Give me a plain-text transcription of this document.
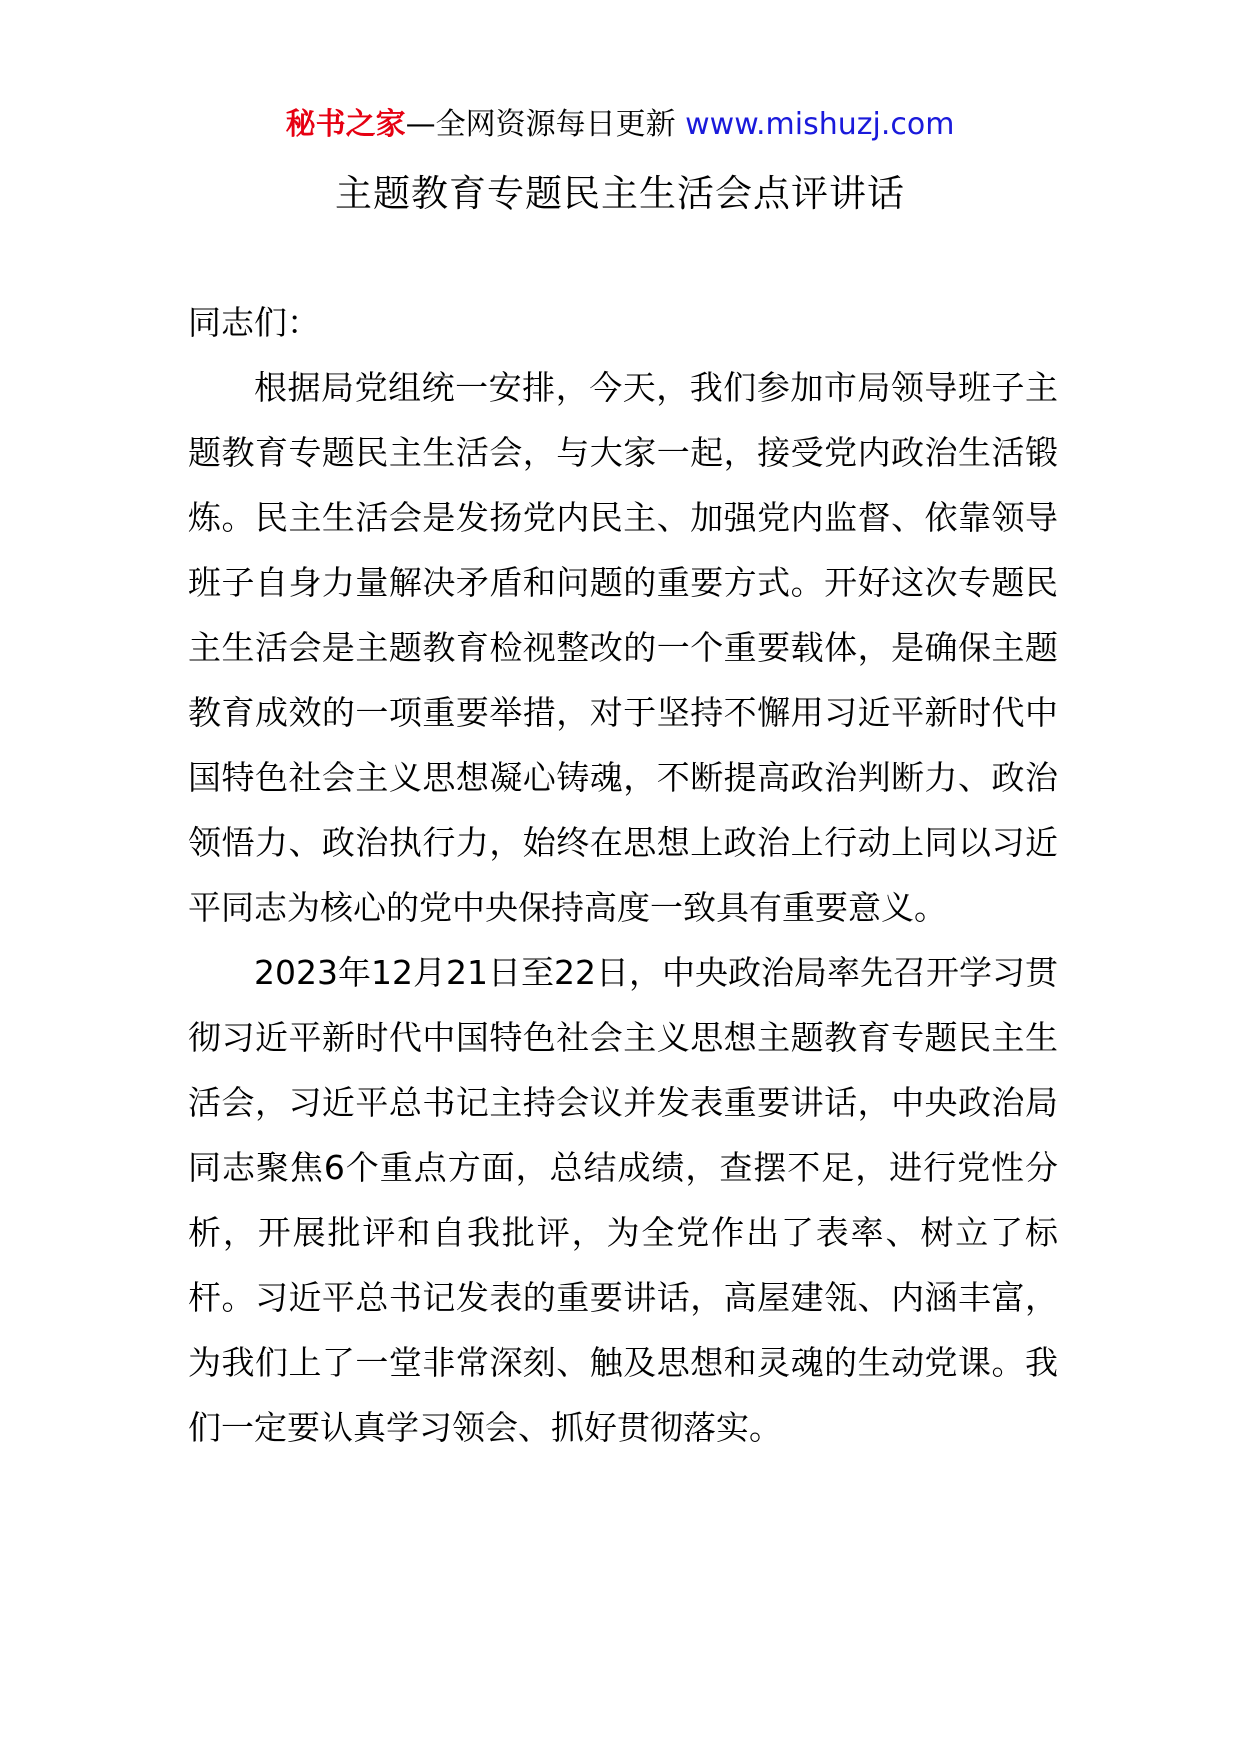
秘书之家—全网资源每日更新 www.mishuzj.com
主题教育专题民主生活会点评讲话

同志们：

根据局党组统一安排，今天，我们参加市局领导班子主题教育专题民主生活会，与大家一起，接受党内政治生活锻炼。民主生活会是发扬党内民主、加强党内监督、依靠领导班子自身力量解决矛盾和问题的重要方式。开好这次专题民主生活会是主题教育检视整改的一个重要载体，是确保主题教育成效的一项重要举措，对于坚持不懈用习近平新时代中国特色社会主义思想凝心铸魂，不断提高政治判断力、政治领悟力、政治执行力，始终在思想上政治上行动上同以习近平同志为核心的党中央保持高度一致具有重要意义。

2023年12月21日至22日，中央政治局率先召开学习贯彻习近平新时代中国特色社会主义思想主题教育专题民主生活会，习近平总书记主持会议并发表重要讲话，中央政治局同志聚焦6个重点方面，总结成绩，查摆不足，进行党性分析，开展批评和自我批评，为全党作出了表率、树立了标杆。习近平总书记发表的重要讲话，高屋建瓴、内涵丰富，为我们上了一堂非常深刻、触及思想和灵魂的生动党课。我们一定要认真学习领会、抓好贯彻落实。
